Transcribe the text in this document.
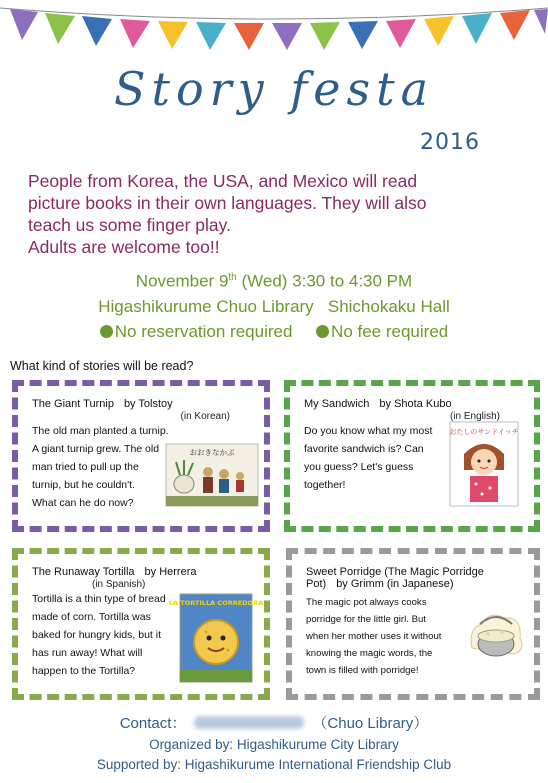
Story festa
2016

People from Korea, the USA, and Mexico will read

picture books in their own languages. They will also

teach us some finger play.

Adults are welcome too!!

November 9th (Wed) 3:30 to 4:30 PM
Higashikurume Chuo Library   Shichokaku Hall
No reservation required No fee required
What kind of stories will be read?
The Giant Turnip by Tolstoy
(in Korean)
The old man planted a turnip.
A giant turnip grew. The old
man tried to pull up the
turnip, but he couldn't.
What can he do now?
おおきなかぶ
My Sandwich by Shota Kubo
(in English)
Do you know what my most
favorite sandwich is? Can
you guess? Let's guess
together!
おたしのサンドイッチ
The Runaway Tortilla by Herrera
(in Spanish)
Tortilla is a thin type of bread
made of corn. Tortilla was
baked for hungry kids, but it
has run away! What will
happen to the Tortilla?
LA TORTILLA CORREDORA
Sweet Porridge (The Magic Porridge
Pot) by Grimm (in Japanese)
The magic pot always cooks
porridge for the little girl. But
when her mother uses it without
knowing the magic words, the
town is filled with porridge!
Contact：	（Chuo Library）
Organized by: Higashikurume City Library
Supported by: Higashikurume International Friendship Club
